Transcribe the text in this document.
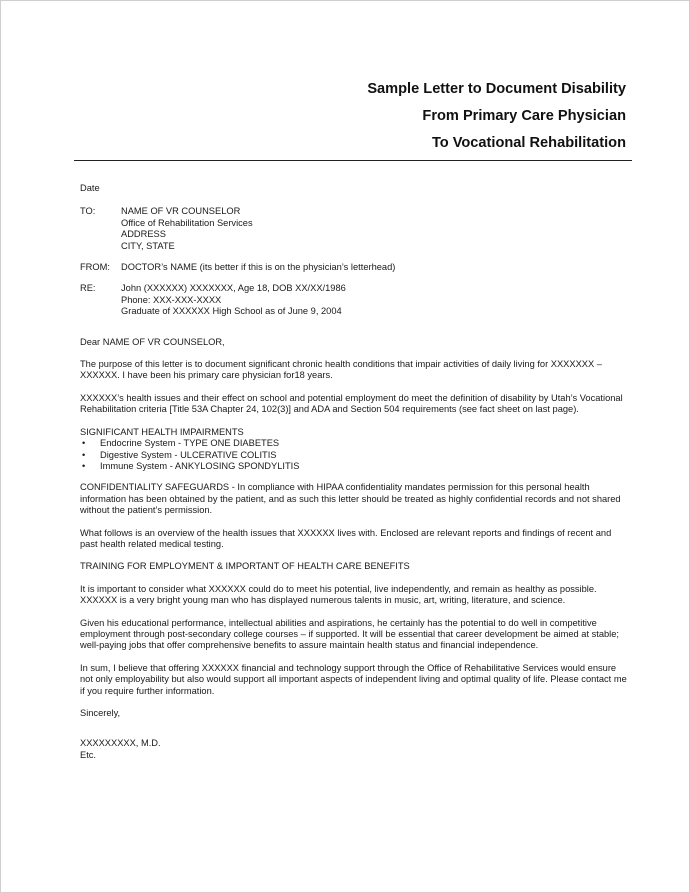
Sample Letter to Document Disability
From Primary Care Physician
To Vocational Rehabilitation

Date

TO:	NAME OF VR COUNSELOR
Office of Rehabilitation Services
ADDRESS
CITY, STATE
FROM:	DOCTOR’s NAME (its better if this is on the physician’s letterhead)
RE:	John (XXXXXX) XXXXXXX, Age 18, DOB XX/XX/1986
Phone: XXX-XXX-XXXX
Graduate of XXXXXX High School as of June 9, 2004

Dear NAME OF VR COUNSELOR,

The purpose of this letter is to document significant chronic health conditions that impair activities of daily living for XXXXXXX – XXXXXX. I have been his primary care physician for18 years.

XXXXXX’s health issues and their effect on school and potential employment do meet the definition of disability by Utah’s Vocational Rehabilitation criteria [Title 53A Chapter 24, 102(3)] and ADA and Section 504 requirements (see fact sheet on last page).

SIGNIFICANT HEALTH IMPAIRMENTS

•	Endocrine System - TYPE ONE DIABETES
•	Digestive System - ULCERATIVE COLITIS
•	Immune System - ANKYLOSING SPONDYLITIS

CONFIDENTIALITY SAFEGUARDS - In compliance with HIPAA confidentiality mandates permission for this personal health information has been obtained by the patient, and as such this letter should be treated as highly confidential records and not shared without the patient’s permission.

What follows is an overview of the health issues that XXXXXX lives with. Enclosed are relevant reports and findings of recent and past health related medical testing.

TRAINING FOR EMPLOYMENT & IMPORTANT OF HEALTH CARE BENEFITS

It is important to consider what XXXXXX could do to meet his potential, live independently, and remain as healthy as possible. XXXXXX is a very bright young man who has displayed numerous talents in music, art, writing, literature, and science.

Given his educational performance, intellectual abilities and aspirations, he certainly has the potential to do well in competitive employment through post-secondary college courses – if supported. It will be essential that career development be aimed at stable; well-paying jobs that offer comprehensive benefits to assure maintain health status and financial independence.

In sum, I believe that offering XXXXXX financial and technology support through the Office of Rehabilitative Services would ensure not only employability but also would support all important aspects of independent living and optimal quality of life. Please contact me if you require further information.

Sincerely,

XXXXXXXXX, M.D.

Etc.
